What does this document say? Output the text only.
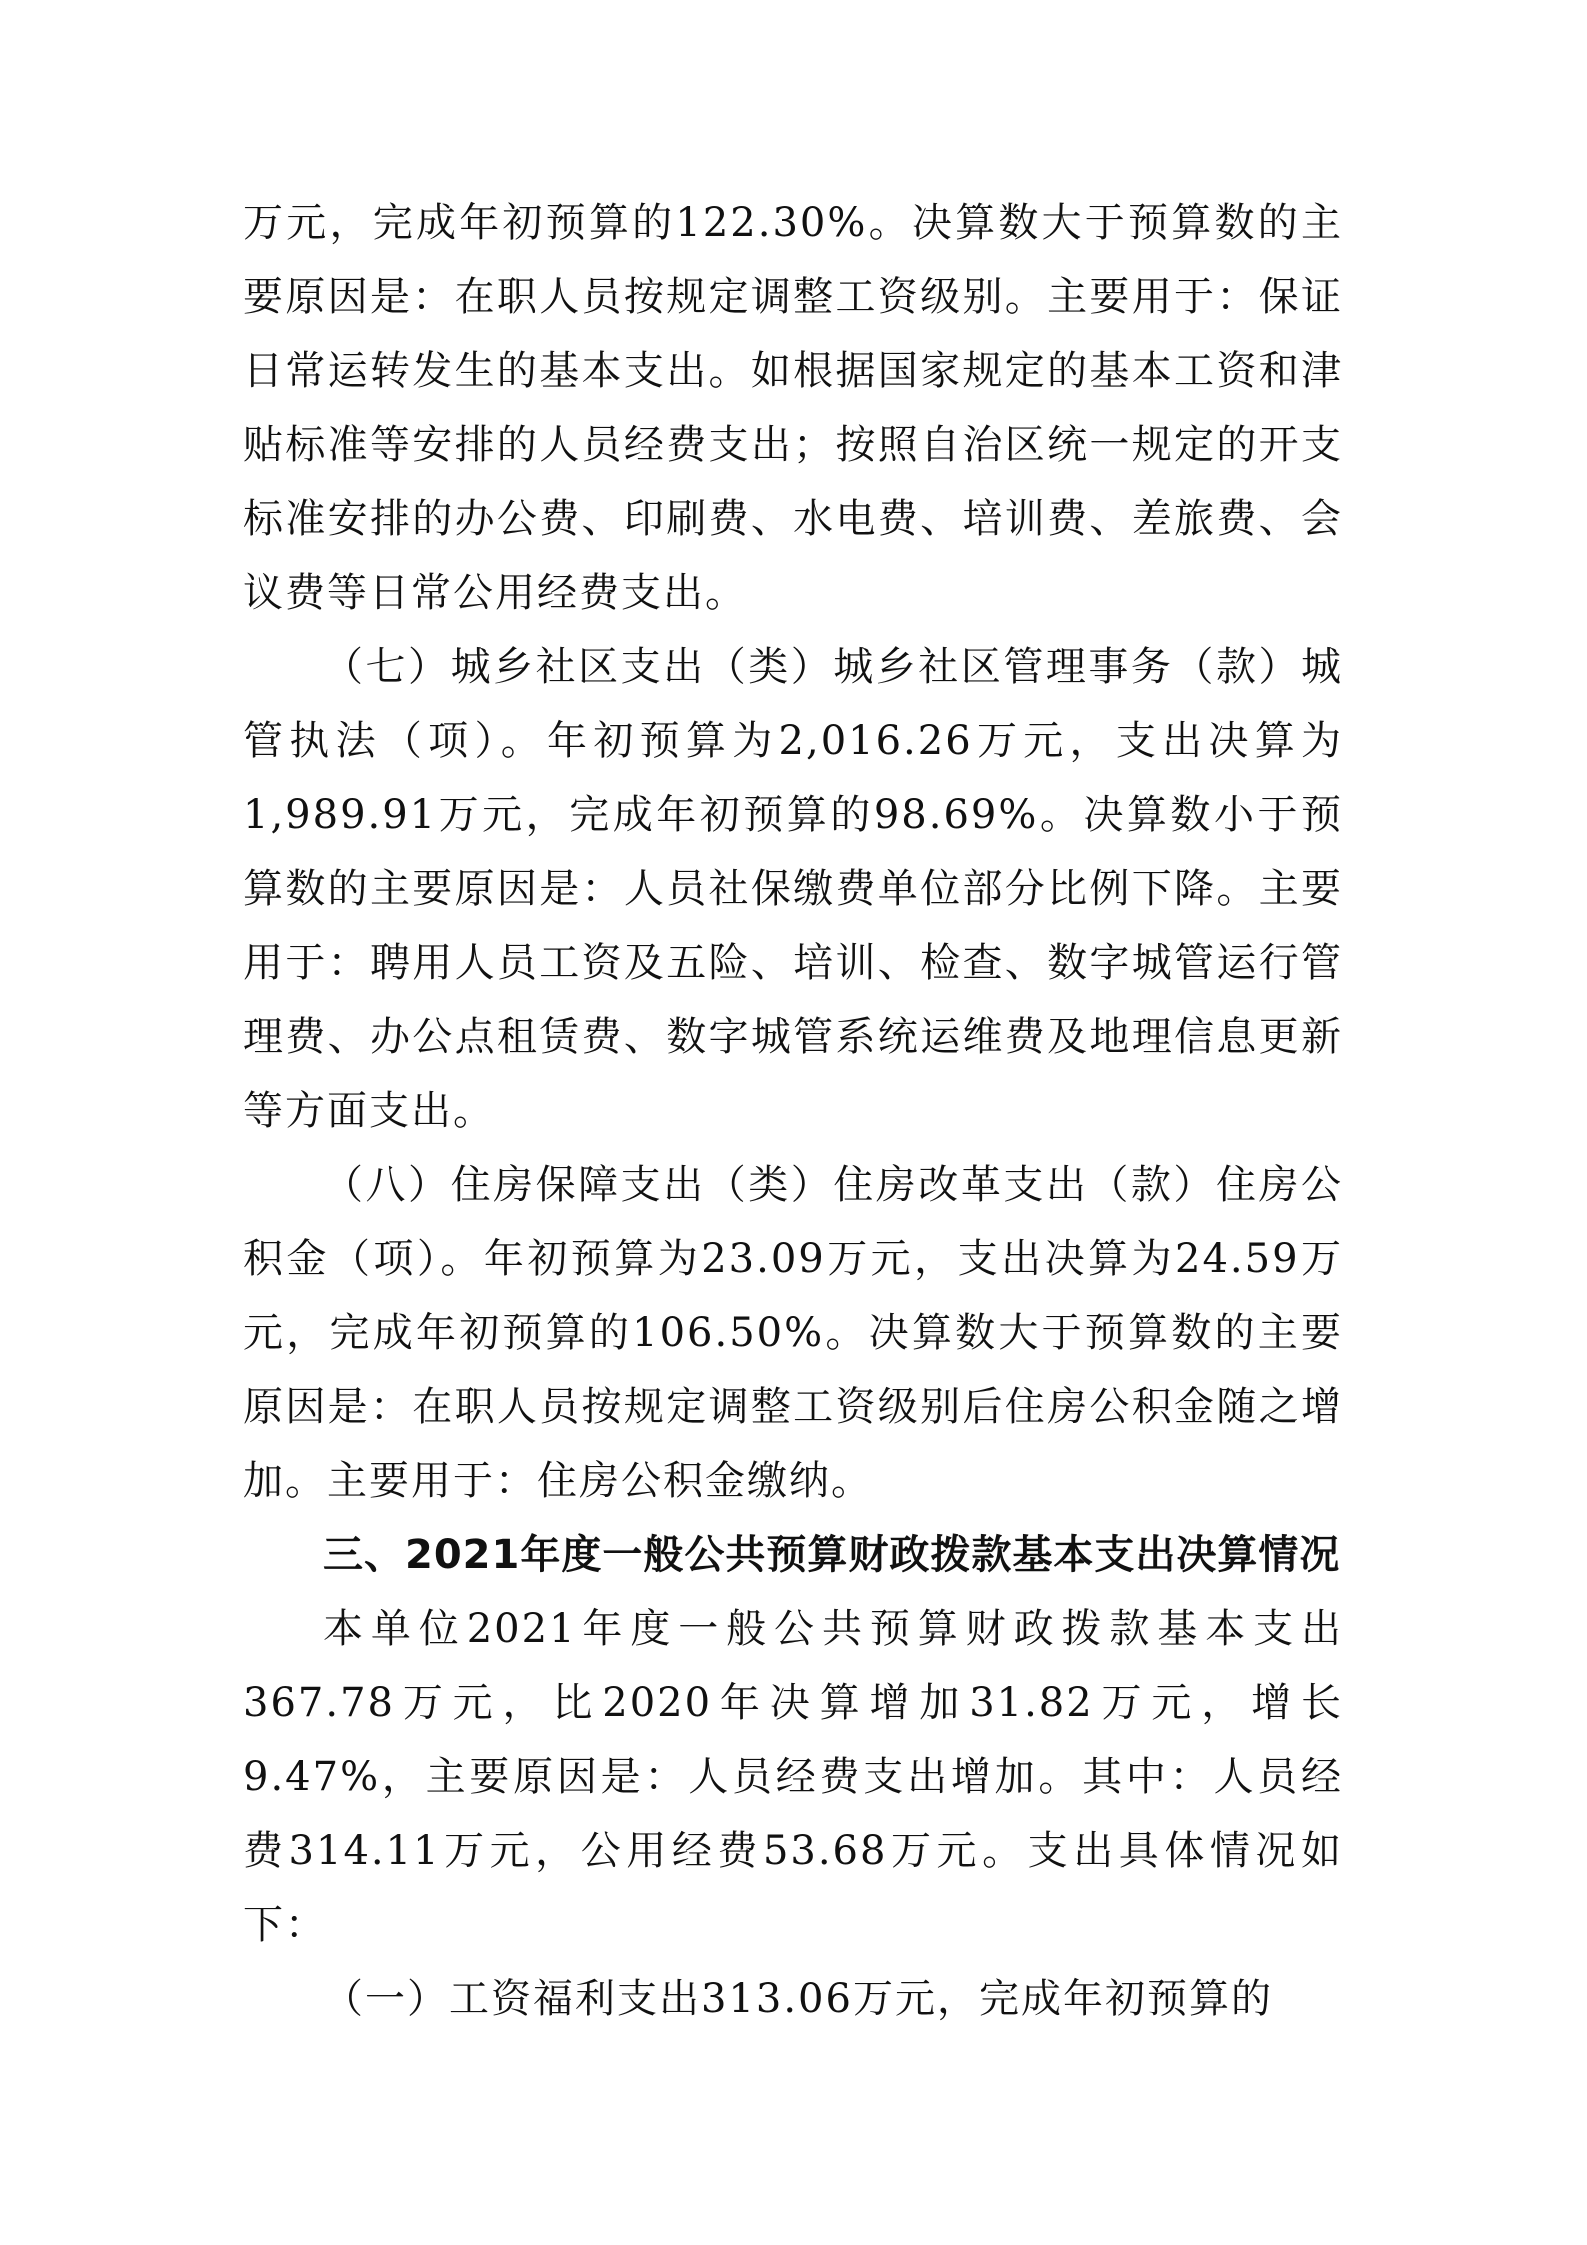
万元，完成年初预算的122.30%。决算数大于预算数的主要原因是：在职人员按规定调整工资级别。主要用于：保证日常运转发生的基本支出。如根据国家规定的基本工资和津贴标准等安排的人员经费支出；按照自治区统一规定的开支标准安排的办公费、印刷费、水电费、培训费、差旅费、会议费等日常公用经费支出。

（七）城乡社区支出（类）城乡社区管理事务（款）城管执法（项）。年初预算为2,016.26万元，支出决算为1,989.91万元，完成年初预算的98.69%。决算数小于预算数的主要原因是：人员社保缴费单位部分比例下降。主要用于：聘用人员工资及五险、培训、检查、数字城管运行管理费、办公点租赁费、数字城管系统运维费及地理信息更新等方面支出。

（八）住房保障支出（类）住房改革支出（款）住房公积金（项）。年初预算为23.09万元，支出决算为24.59万元，完成年初预算的106.50%。决算数大于预算数的主要原因是：在职人员按规定调整工资级别后住房公积金随之增加。主要用于：住房公积金缴纳。

三、2021年度一般公共预算财政拨款基本支出决算情况

本单位2021年度一般公共预算财政拨款基本支出367.78万元，比2020年决算增加31.82万元，增长9.47%，主要原因是：人员经费支出增加。其中：人员经费314.11万元，公用经费53.68万元。支出具体情况如下：

（一）工资福利支出313.06万元，完成年初预算的
